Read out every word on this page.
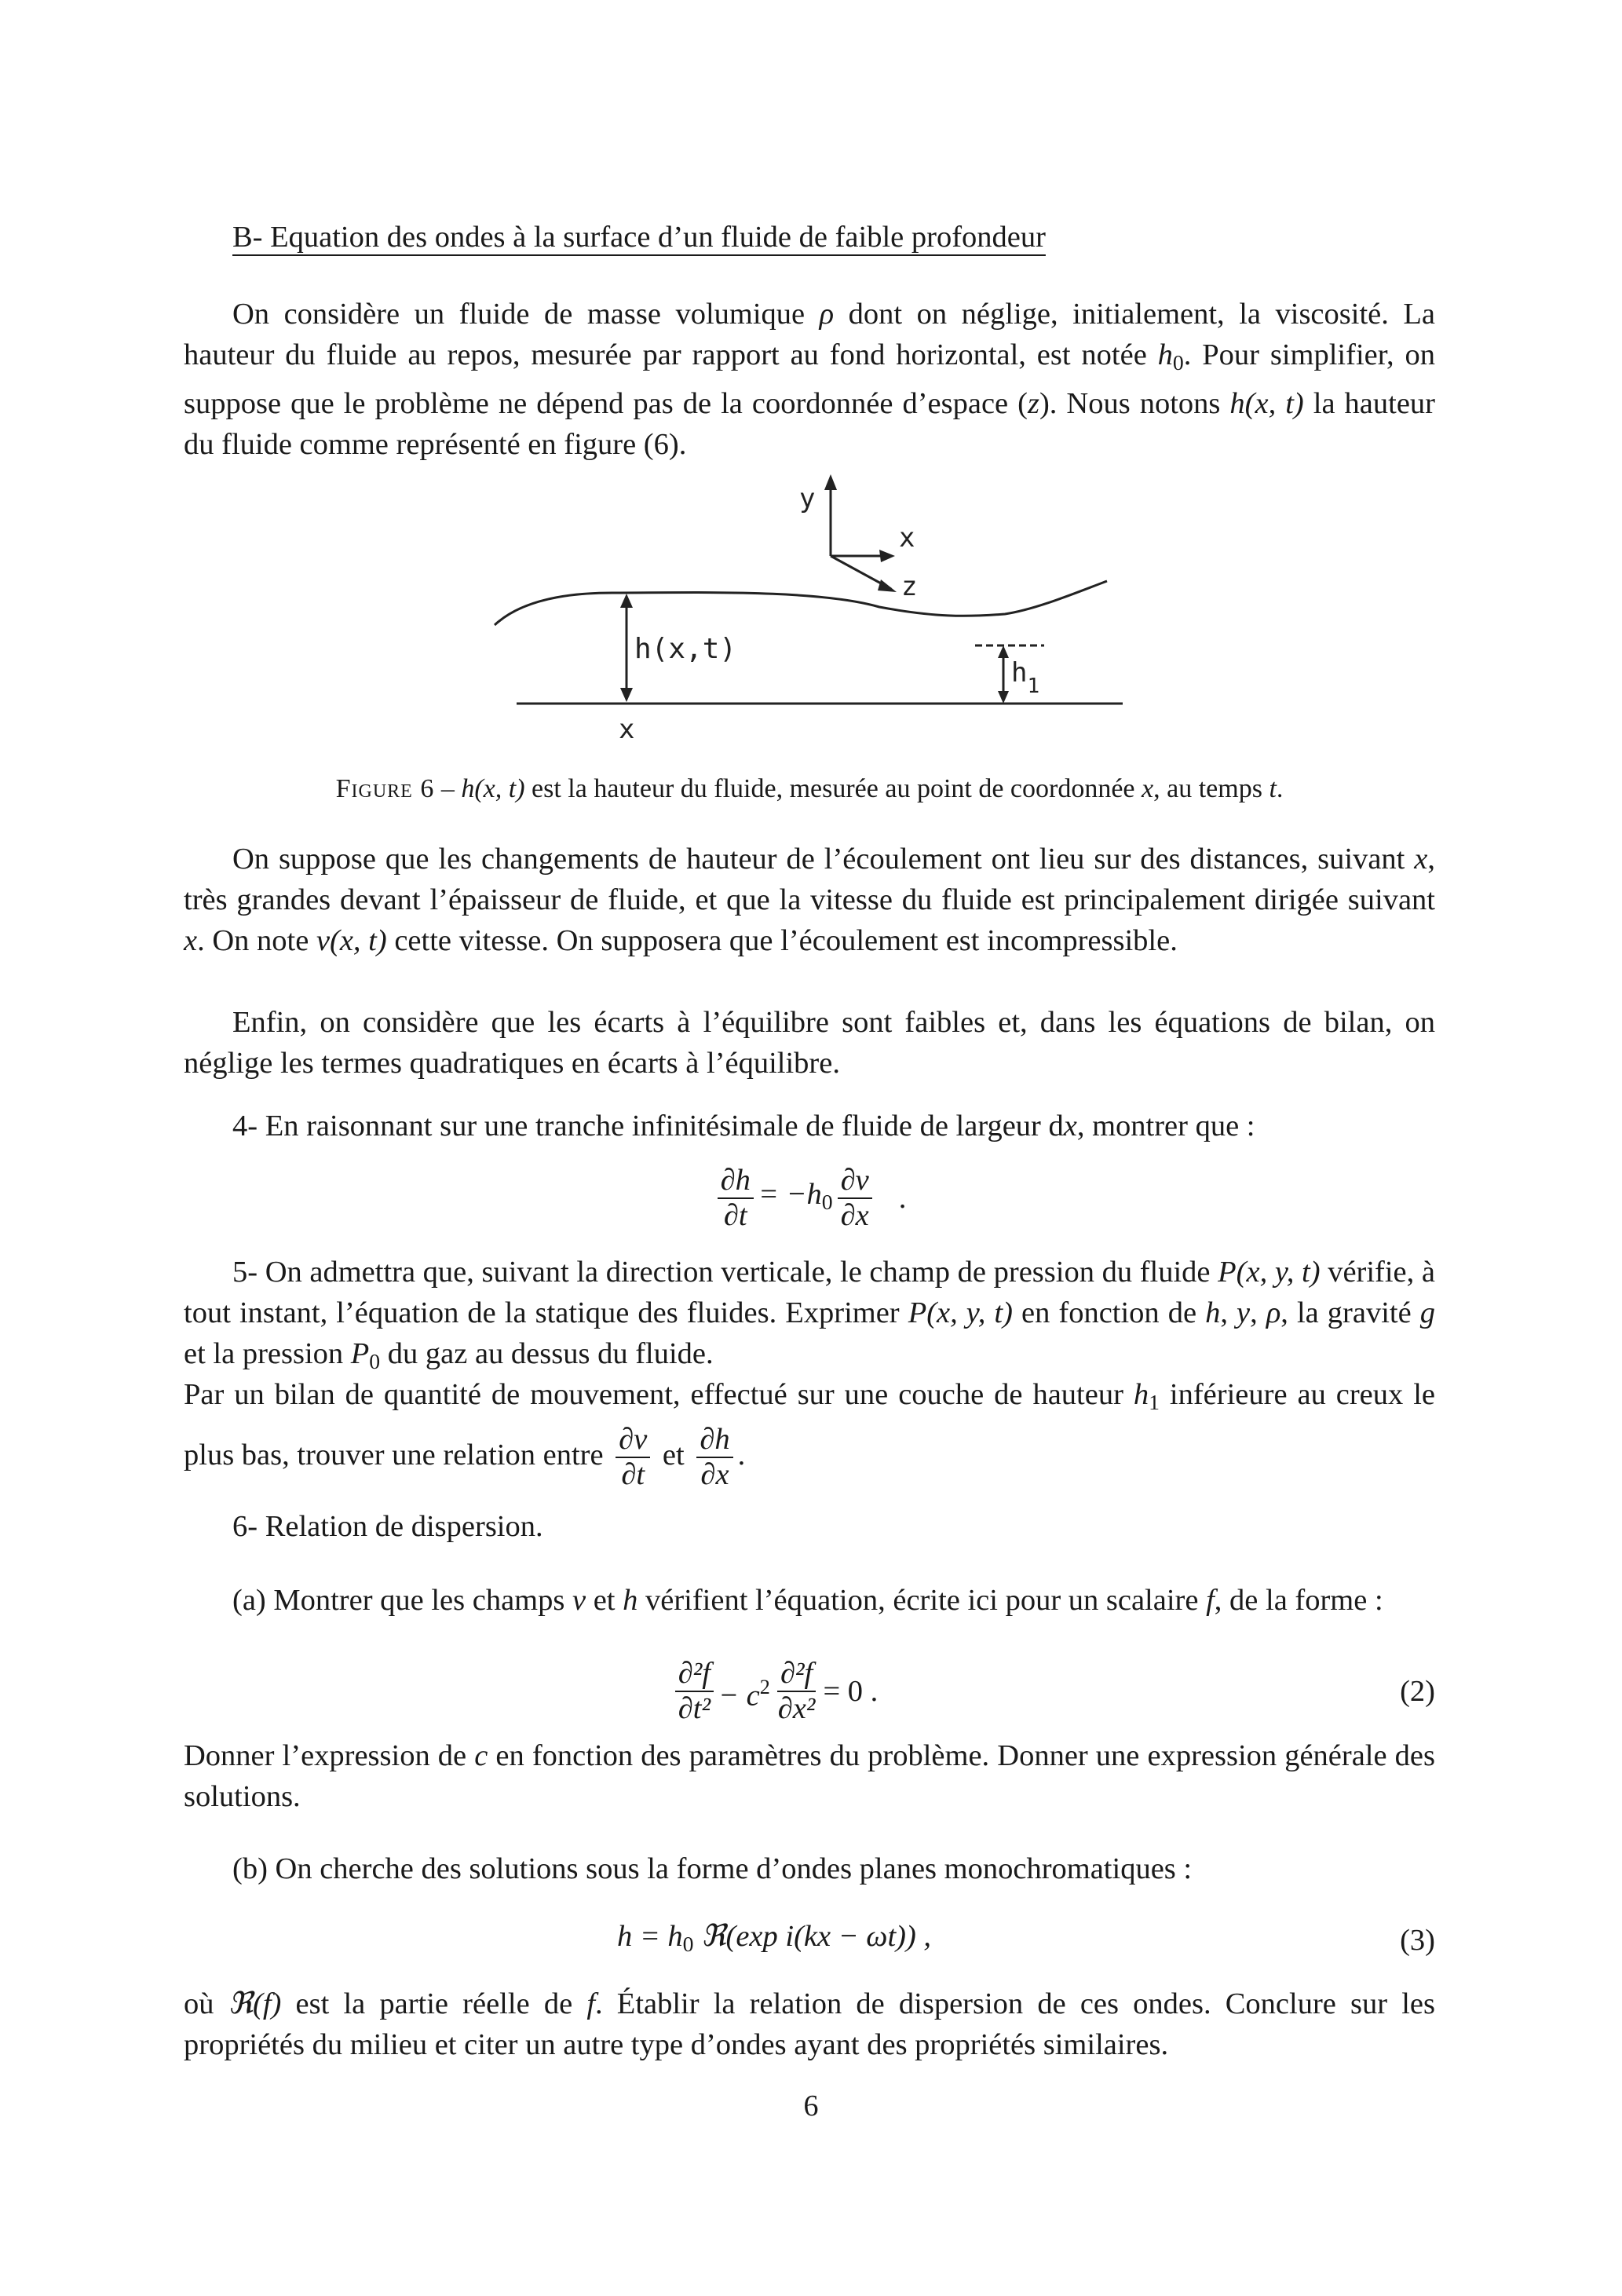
B- Equation des ondes à la surface d’un fluide de faible profondeur

On considère un fluide de masse volumique ρ dont on néglige, initialement, la viscosité. La hauteur du fluide au repos, mesurée par rapport au fond horizontal, est notée $h_0$. Pour simplifier, on suppose que le problème ne dépend pas de la coordonnée d’espace (z). Nous notons h(x, t) la hauteur du fluide comme représenté en figure (6).

h(x,t)
$h_1$
x
y
x
z

Figure 6 – h(x, t) est la hauteur du fluide, mesurée au point de coordonnée x, au temps t.

On suppose que les changements de hauteur de l’écoulement ont lieu sur des distances, suivant x, très grandes devant l’épaisseur de fluide, et que la vitesse du fluide est principalement dirigée suivant x. On note v(x, t) cette vitesse. On supposera que l’écoulement est incompressible.

Enfin, on considère que les écarts à l’équilibre sont faibles et, dans les équations de bilan, on néglige les termes quadratiques en écarts à l’équilibre.

4- En raisonnant sur une tranche infinitésimale de fluide de largeur dx, montrer que :

$\frac{\partial h}{\partial t} = -h_0 \frac{\partial v}{\partial x}$ .

5- On admettra que, suivant la direction verticale, le champ de pression du fluide P(x, y, t) vérifie, à tout instant, l’équation de la statique des fluides. Exprimer P(x, y, t) en fonction de h, y, ρ, la gravité g et la pression $P_0$ du gaz au dessus du fluide.

Par un bilan de quantité de mouvement, effectué sur une couche de hauteur $h_1$ inférieure au creux le plus bas, trouver une relation entre $\frac{\partial v}{\partial t}$ et $\frac{\partial h}{\partial x}$ .

6- Relation de dispersion.

(a) Montrer que les champs v et h vérifient l’équation, écrite ici pour un scalaire f, de la forme :

$\frac{\text{∂²f}}{\text{∂t²}} - c^2 \frac{\text{∂²f}}{\text{∂x²}} = 0$ .	(2)

Donner l’expression de c en fonction des paramètres du problème. Donner une expression générale des solutions.

(b) On cherche des solutions sous la forme d’ondes planes monochromatiques :

$h = h_0$ ℜ(exp i(kx − ωt)) ,	(3)

où ℜ(f) est la partie réelle de f. Établir la relation de dispersion de ces ondes. Conclure sur les propriétés du milieu et citer un autre type d’ondes ayant des propriétés similaires.

6
